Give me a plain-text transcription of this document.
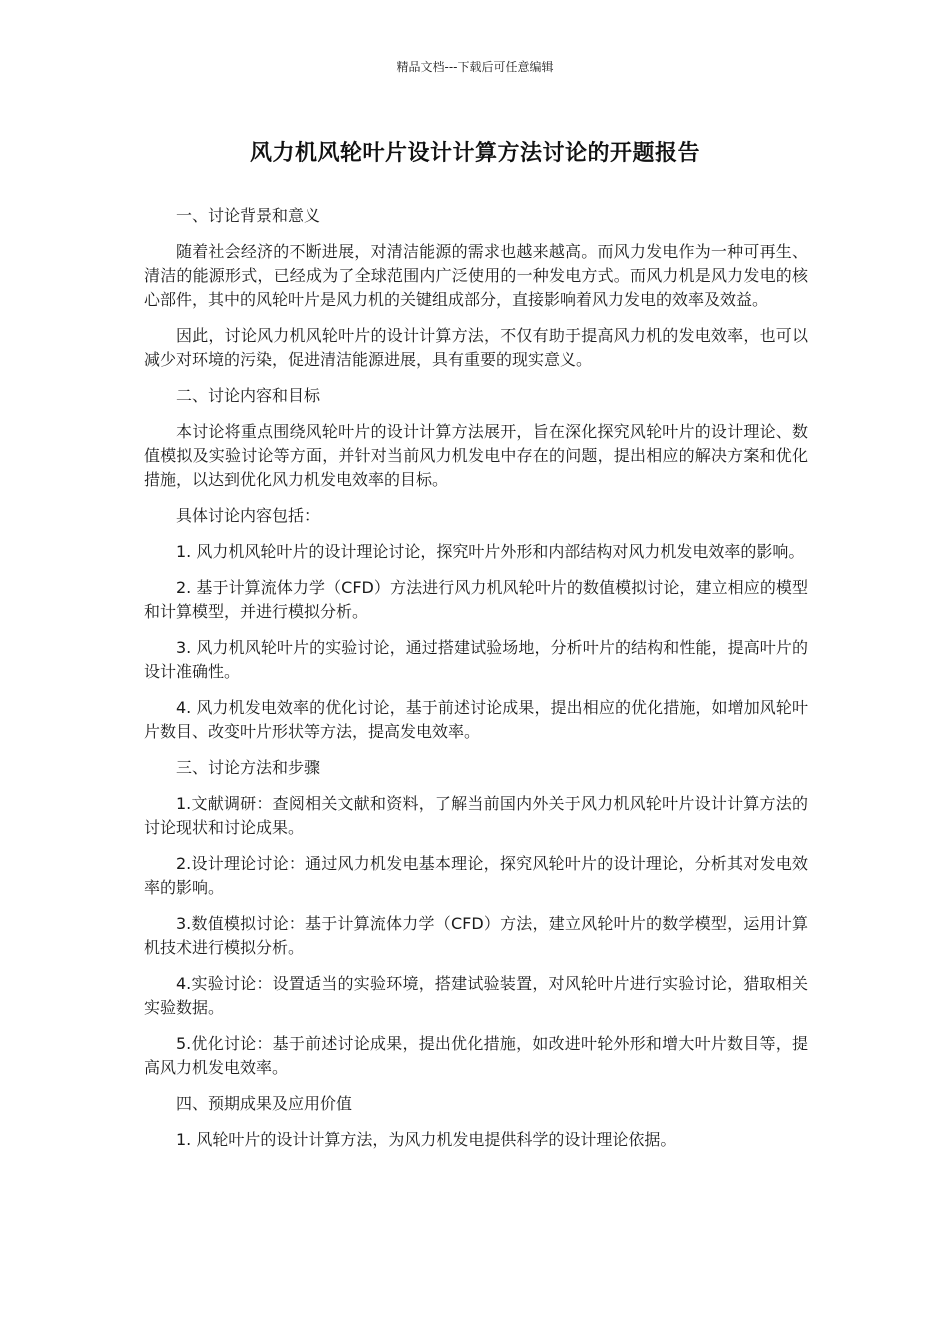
精品文档---下载后可任意编辑
风力机风轮叶片设计计算方法讨论的开题报告

一、讨论背景和意义

随着社会经济的不断进展，对清洁能源的需求也越来越高。而风力发电作为一种可再生、清洁的能源形式，已经成为了全球范围内广泛使用的一种发电方式。而风力机是风力发电的核心部件，其中的风轮叶片是风力机的关键组成部分，直接影响着风力发电的效率及效益。

因此，讨论风力机风轮叶片的设计计算方法，不仅有助于提高风力机的发电效率，也可以减少对环境的污染，促进清洁能源进展，具有重要的现实意义。

二、讨论内容和目标

本讨论将重点围绕风轮叶片的设计计算方法展开，旨在深化探究风轮叶片的设计理论、数值模拟及实验讨论等方面，并针对当前风力机发电中存在的问题，提出相应的解决方案和优化措施，以达到优化风力机发电效率的目标。

具体讨论内容包括：

1. 风力机风轮叶片的设计理论讨论，探究叶片外形和内部结构对风力机发电效率的影响。

2. 基于计算流体力学（CFD）方法进行风力机风轮叶片的数值模拟讨论，建立相应的模型和计算模型，并进行模拟分析。

3. 风力机风轮叶片的实验讨论，通过搭建试验场地，分析叶片的结构和性能，提高叶片的设计准确性。

4. 风力机发电效率的优化讨论，基于前述讨论成果，提出相应的优化措施，如增加风轮叶片数目、改变叶片形状等方法，提高发电效率。

三、讨论方法和步骤

1.文献调研：查阅相关文献和资料，了解当前国内外关于风力机风轮叶片设计计算方法的讨论现状和讨论成果。

2.设计理论讨论：通过风力机发电基本理论，探究风轮叶片的设计理论，分析其对发电效率的影响。

3.数值模拟讨论：基于计算流体力学（CFD）方法，建立风轮叶片的数学模型，运用计算机技术进行模拟分析。

4.实验讨论：设置适当的实验环境，搭建试验装置，对风轮叶片进行实验讨论，猎取相关实验数据。

5.优化讨论：基于前述讨论成果，提出优化措施，如改进叶轮外形和增大叶片数目等，提高风力机发电效率。

四、预期成果及应用价值

1. 风轮叶片的设计计算方法，为风力机发电提供科学的设计理论依据。
